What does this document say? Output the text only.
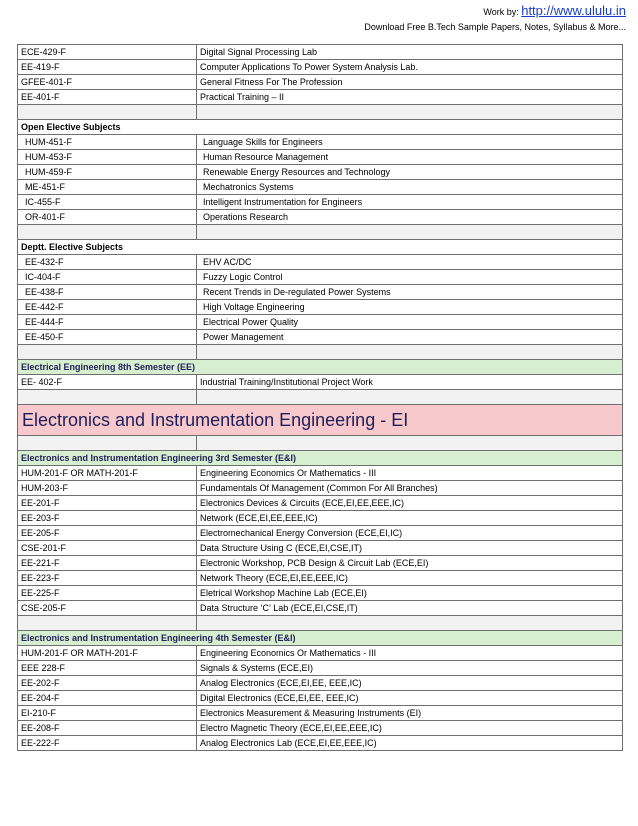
Work by: http://www.ululu.in
Download Free B.Tech Sample Papers, Notes, Syllabus & More...
ECE-429-F	Digital Signal Processing Lab
EE-419-F	Computer Applications To Power System Analysis Lab.
GFEE-401-F	General Fitness For The Profession
EE-401-F	Practical Training – II

Open Elective Subjects	
HUM-451-F	Language Skills for Engineers
HUM-453-F	Human Resource Management
HUM-459-F	Renewable Energy Resources and Technology
ME-451-F	Mechatronics Systems
IC-455-F	Intelligent Instrumentation for Engineers
OR-401-F	Operations Research

Deptt. Elective Subjects	
EE-432-F	EHV AC/DC
IC-404-F	Fuzzy Logic Control
EE-438-F	Recent Trends in De-regulated Power Systems
EE-442-F	High Voltage Engineering
EE-444-F	Electrical Power Quality
EE-450-F	Power Management

Electrical Engineering 8th Semester (EE)	
EE- 402-F	Industrial Training/Institutional Project Work

Electronics and Instrumentation Engineering - EI	

Electronics and Instrumentation Engineering 3rd Semester (E&I)	
HUM-201-F OR MATH-201-F	Engineering Economics Or Mathematics - III
HUM-203-F	Fundamentals Of Management (Common For All Branches)
EE-201-F	Electronics Devices & Circuits (ECE,EI,EE,EEE,IC)
EE-203-F	Network (ECE,EI,EE,EEE,IC)
EE-205-F	Electromechanical Energy Conversion (ECE,EI,IC)
CSE-201-F	Data Structure Using C (ECE,EI,CSE,IT)
EE-221-F	Electronic Workshop, PCB Design & Circuit Lab (ECE,EI)
EE-223-F	Network Theory (ECE,EI,EE,EEE,IC)
EE-225-F	Eletrical Workshop Machine Lab (ECE,EI)
CSE-205-F	Data Structure ‘C’ Lab (ECE,EI,CSE,IT)

Electronics and Instrumentation Engineering 4th Semester (E&I)	
HUM-201-F OR MATH-201-F	Engineering Economics Or Mathematics - III
EEE 228-F	Signals & Systems (ECE,EI)
EE-202-F	Analog Electronics (ECE,EI,EE, EEE,IC)
EE-204-F	Digital Electronics (ECE,EI,EE, EEE,IC)
EI-210-F	Electronics Measurement & Measuring Instruments (EI)
EE-208-F	Electro Magnetic Theory (ECE,EI,EE,EEE,IC)
EE-222-F	Analog Electronics Lab (ECE,EI,EE,EEE,IC)
